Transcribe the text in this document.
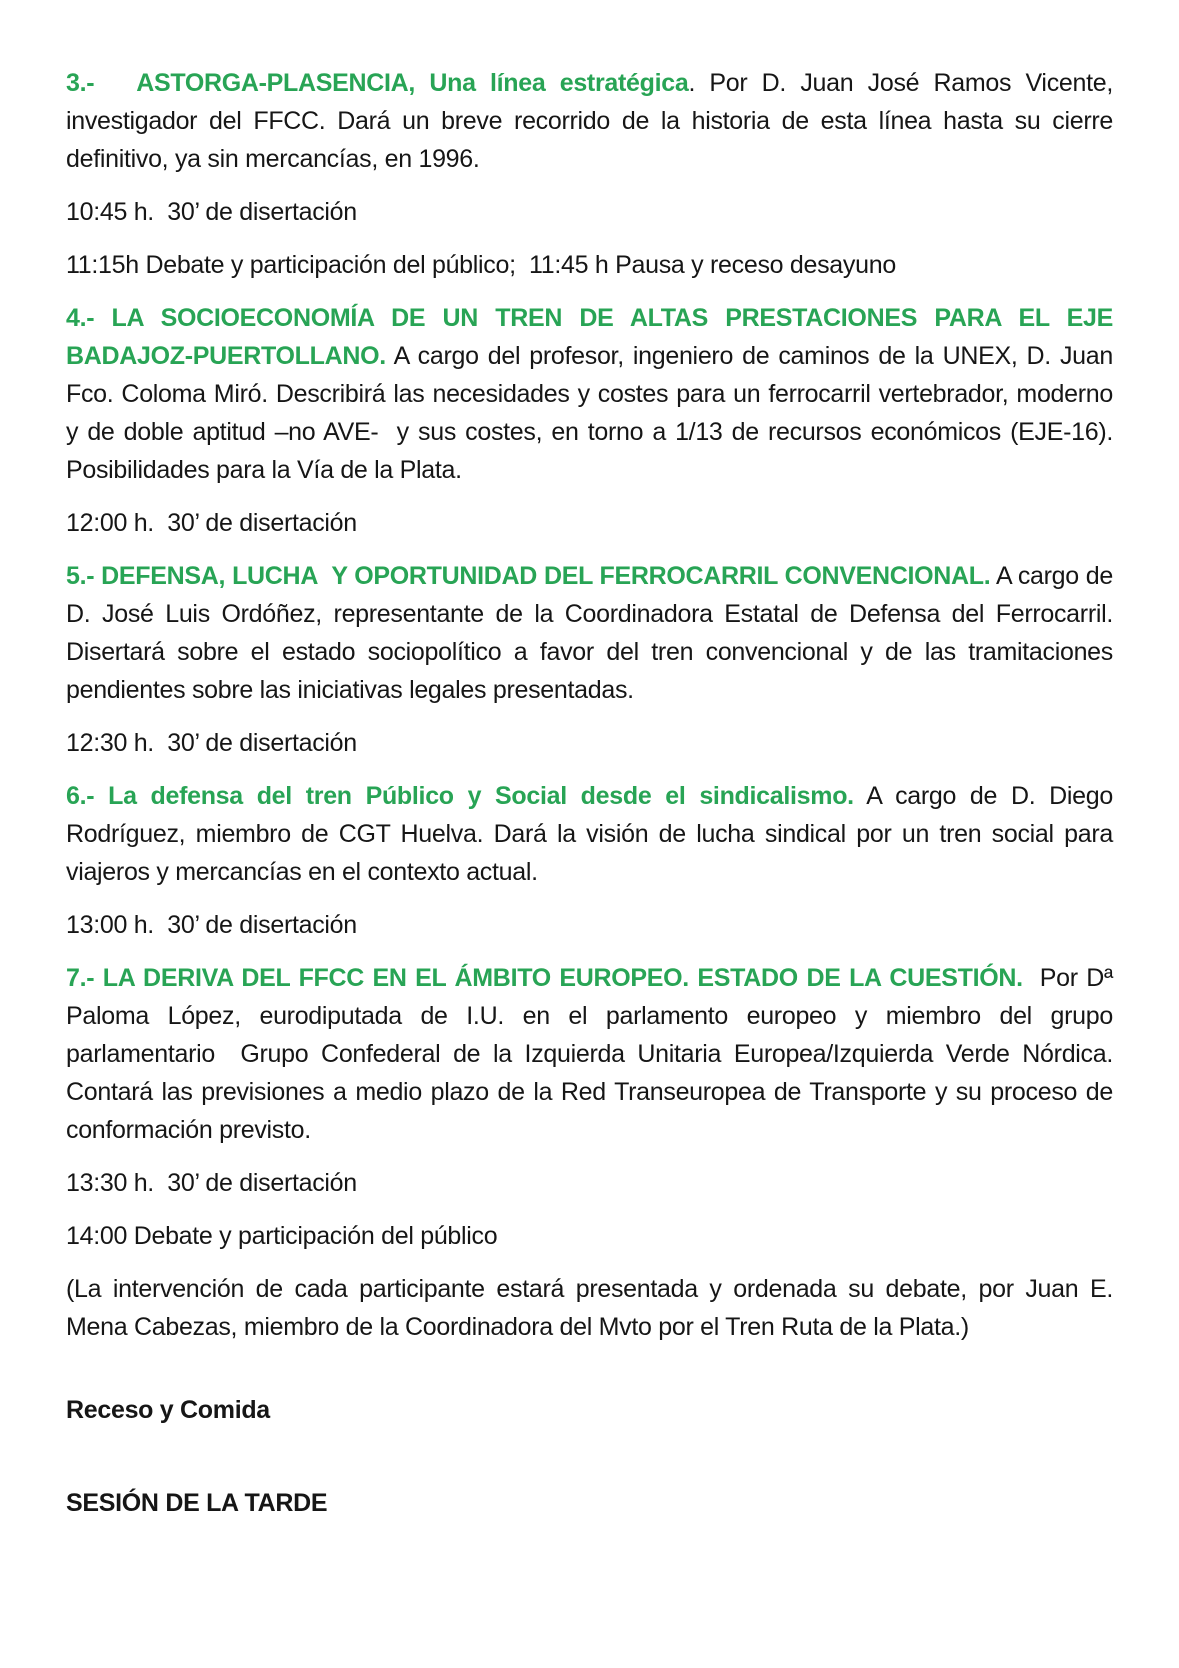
3.-   ASTORGA-PLASENCIA, Una línea estratégica. Por D. Juan José Ramos Vicente, investigador del FFCC. Dará un breve recorrido de la historia de esta línea hasta su cierre definitivo, ya sin mercancías, en 1996.

10:45 h.  30’ de disertación

11:15h Debate y participación del público;  11:45 h Pausa y receso desayuno

4.- LA SOCIOECONOMÍA DE UN TREN DE ALTAS PRESTACIONES PARA EL EJE BADAJOZ-PUERTOLLANO. A cargo del profesor, ingeniero de caminos de la UNEX, D. Juan Fco. Coloma Miró. Describirá las necesidades y costes para un ferrocarril vertebrador, moderno y de doble aptitud –no AVE-  y sus costes, en torno a 1/13 de recursos económicos (EJE-16). Posibilidades para la Vía de la Plata.

12:00 h.  30’ de disertación

5.- DEFENSA, LUCHA  Y OPORTUNIDAD DEL FERROCARRIL CONVENCIONAL. A cargo de D. José Luis Ordóñez, representante de la Coordinadora Estatal de Defensa del Ferrocarril. Disertará sobre el estado sociopolítico a favor del tren convencional y de las tramitaciones pendientes sobre las iniciativas legales presentadas.

12:30 h.  30’ de disertación

6.- La defensa del tren Público y Social desde el sindicalismo. A cargo de D. Diego Rodríguez, miembro de CGT Huelva. Dará la visión de lucha sindical por un tren social para viajeros y mercancías en el contexto actual.

13:00 h.  30’ de disertación

7.- LA DERIVA DEL FFCC EN EL ÁMBITO EUROPEO. ESTADO DE LA CUESTIÓN.  Por Dª Paloma López, eurodiputada de I.U. en el parlamento europeo y miembro del grupo parlamentario  Grupo Confederal de la Izquierda Unitaria Europea/Izquierda Verde Nórdica. Contará las previsiones a medio plazo de la Red Transeuropea de Transporte y su proceso de conformación previsto.

13:30 h.  30’ de disertación

14:00 Debate y participación del público

(La intervención de cada participante estará presentada y ordenada su debate, por Juan E. Mena Cabezas, miembro de la Coordinadora del Mvto por el Tren Ruta de la Plata.)

Receso y Comida

SESIÓN DE LA TARDE
